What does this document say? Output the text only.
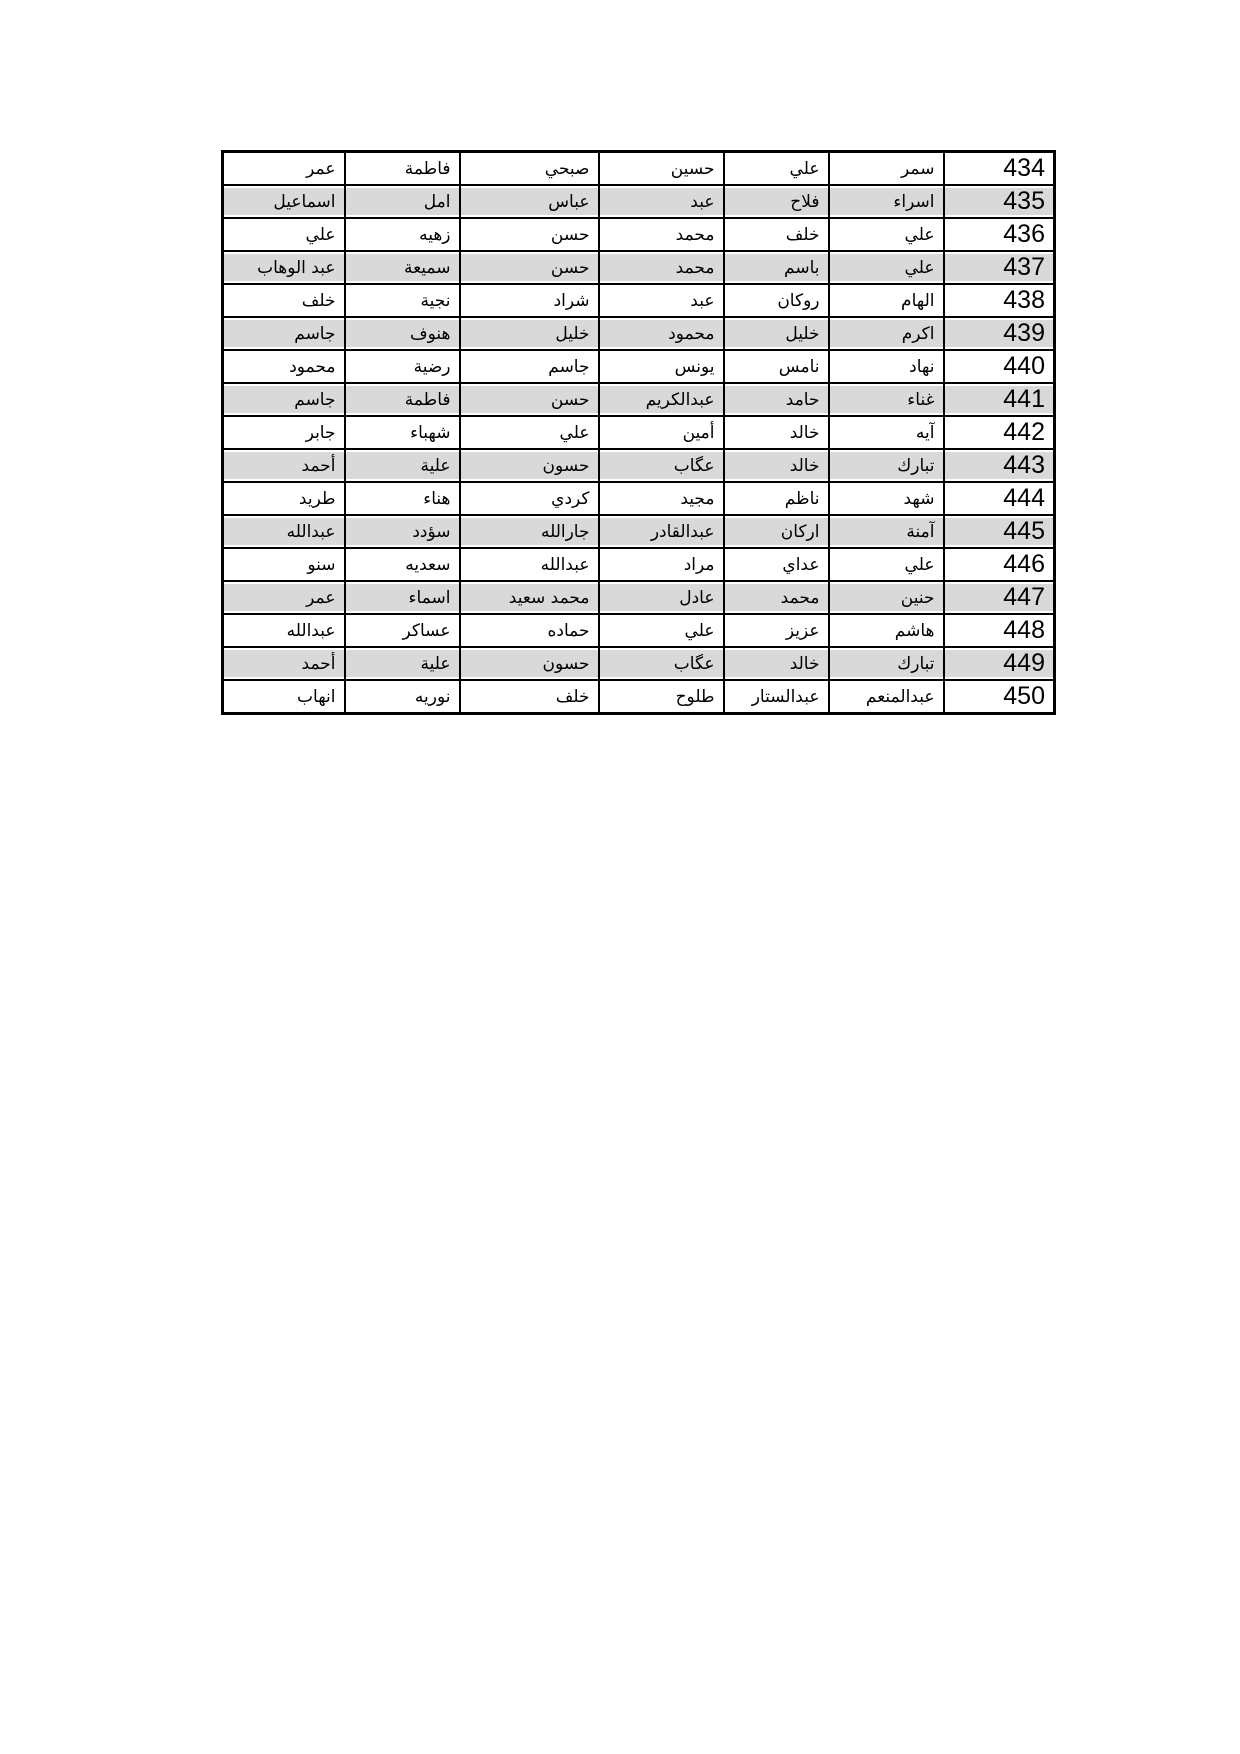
434	سمر	علي	حسين	صبحي	فاطمة	عمر
435	اسراء	فلاح	عبد	عباس	امل	اسماعيل
436	علي	خلف	محمد	حسن	زهيه	علي
437	علي	باسم	محمد	حسن	سميعة	عبد الوهاب
438	الهام	روكان	عبد	شراد	نجية	خلف
439	اكرم	خليل	محمود	خليل	هنوف	جاسم
440	نهاد	نامس	يونس	جاسم	رضية	محمود
441	غناء	حامد	عبدالكريم	حسن	فاطمة	جاسم
442	آيه	خالد	أمين	علي	شهباء	جابر
443	تبارك	خالد	عگاب	حسون	علية	أحمد
444	شهد	ناظم	مجيد	كردي	هناء	طريد
445	آمنة	اركان	عبدالقادر	جارالله	سؤدد	عبدالله
446	علي	عداي	مراد	عبدالله	سعديه	سنو
447	حنين	محمد	عادل	محمد سعيد	اسماء	عمر
448	هاشم	عزيز	علي	حماده	عساكر	عبدالله
449	تبارك	خالد	عگاب	حسون	علية	أحمد
450	عبدالمنعم	عبدالستار	طلوح	خلف	نوريه	انهاب
